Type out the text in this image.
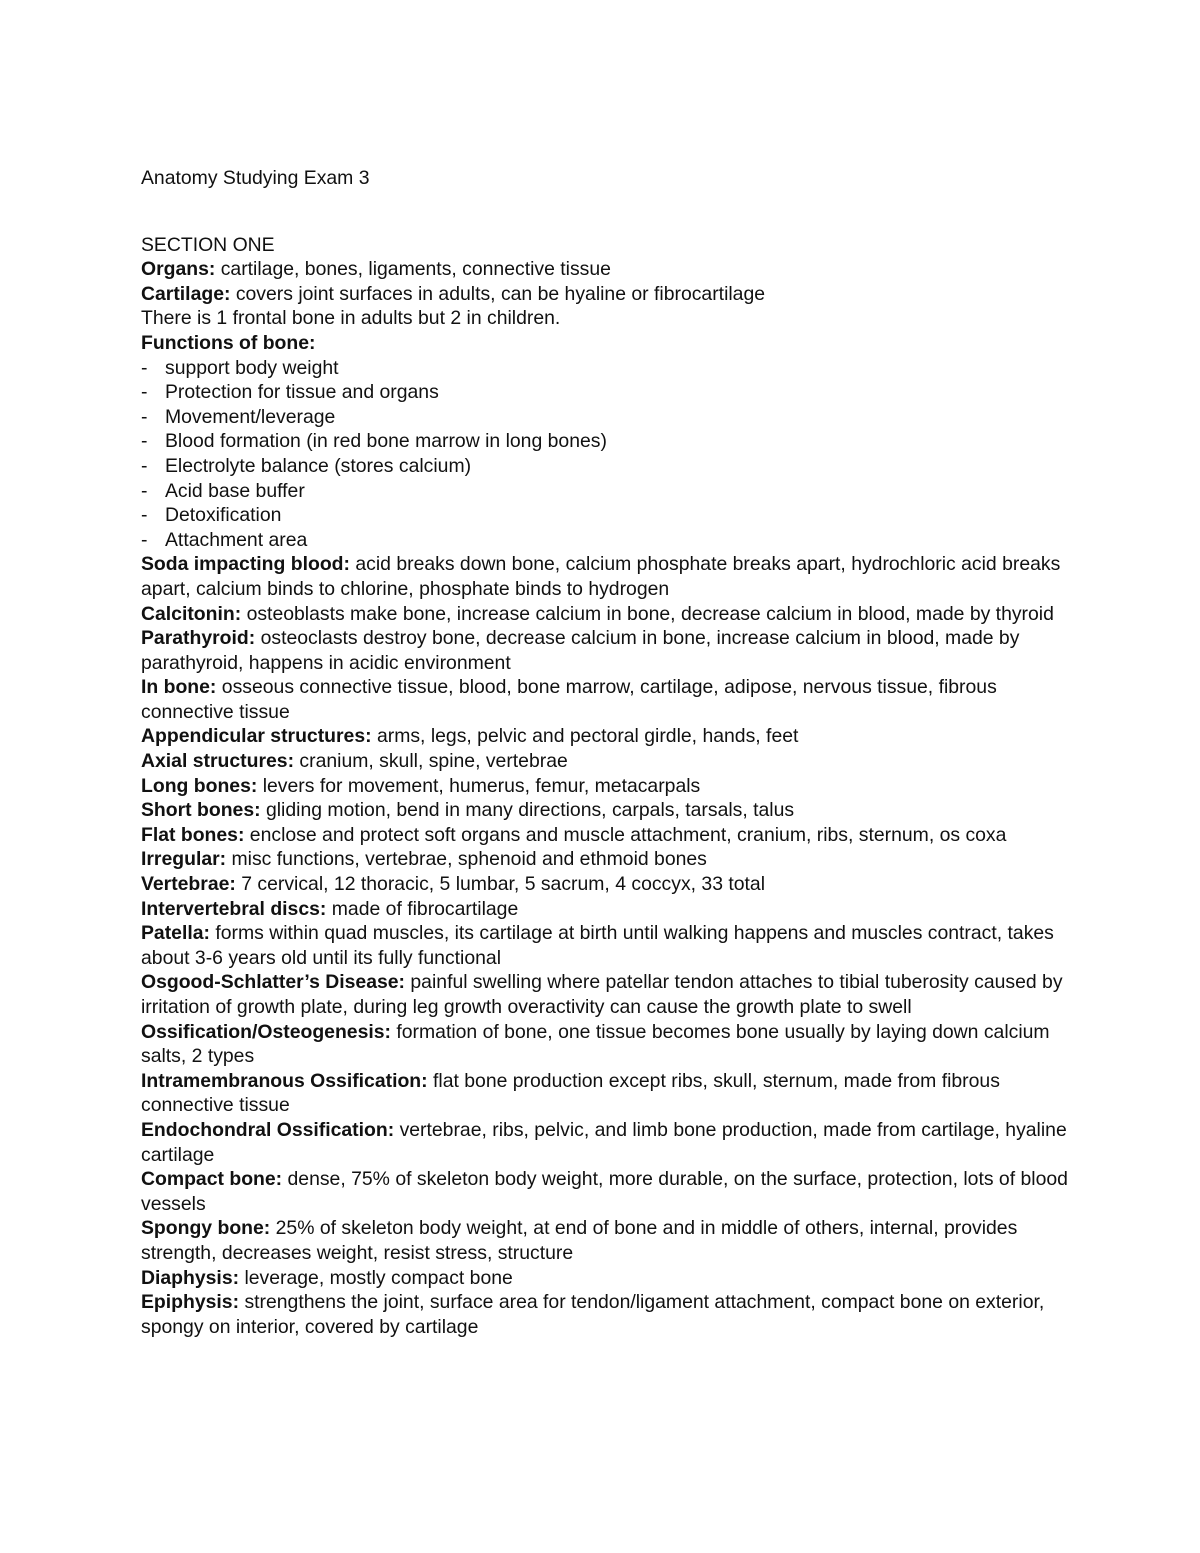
Anatomy Studying Exam 3

SECTION ONE

Organs: cartilage, bones, ligaments, connective tissue

Cartilage: covers joint surfaces in adults, can be hyaline or fibrocartilage

There is 1 frontal bone in adults but 2 in children.

Functions of bone:

- support body weight
- Protection for tissue and organs
- Movement/leverage
- Blood formation (in red bone marrow in long bones)
- Electrolyte balance (stores calcium)
- Acid base buffer
- Detoxification
- Attachment area

Soda impacting blood: acid breaks down bone, calcium phosphate breaks apart, hydrochloric acid breaks apart, calcium binds to chlorine, phosphate binds to hydrogen

Calcitonin: osteoblasts make bone, increase calcium in bone, decrease calcium in blood, made by thyroid

Parathyroid: osteoclasts destroy bone, decrease calcium in bone, increase calcium in blood, made by parathyroid, happens in acidic environment

In bone: osseous connective tissue, blood, bone marrow, cartilage, adipose, nervous tissue, fibrous connective tissue

Appendicular structures: arms, legs, pelvic and pectoral girdle, hands, feet

Axial structures: cranium, skull, spine, vertebrae

Long bones: levers for movement, humerus, femur, metacarpals

Short bones: gliding motion, bend in many directions, carpals, tarsals, talus

Flat bones: enclose and protect soft organs and muscle attachment, cranium, ribs, sternum, os coxa

Irregular: misc functions, vertebrae, sphenoid and ethmoid bones

Vertebrae: 7 cervical, 12 thoracic, 5 lumbar, 5 sacrum, 4 coccyx, 33 total

Intervertebral discs: made of fibrocartilage

Patella: forms within quad muscles, its cartilage at birth until walking happens and muscles contract, takes about 3-6 years old until its fully functional

Osgood-Schlatter’s Disease: painful swelling where patellar tendon attaches to tibial tuberosity caused by irritation of growth plate, during leg growth overactivity can cause the growth plate to swell

Ossification/Osteogenesis: formation of bone, one tissue becomes bone usually by laying down calcium salts, 2 types

Intramembranous Ossification: flat bone production except ribs, skull, sternum, made from fibrous connective tissue

Endochondral Ossification: vertebrae, ribs, pelvic, and limb bone production, made from cartilage, hyaline cartilage

Compact bone: dense, 75% of skeleton body weight, more durable, on the surface, protection, lots of blood vessels

Spongy bone: 25% of skeleton body weight, at end of bone and in middle of others, internal, provides strength, decreases weight, resist stress, structure

Diaphysis: leverage, mostly compact bone

Epiphysis: strengthens the joint, surface area for tendon/ligament attachment, compact bone on exterior, spongy on interior, covered by cartilage
